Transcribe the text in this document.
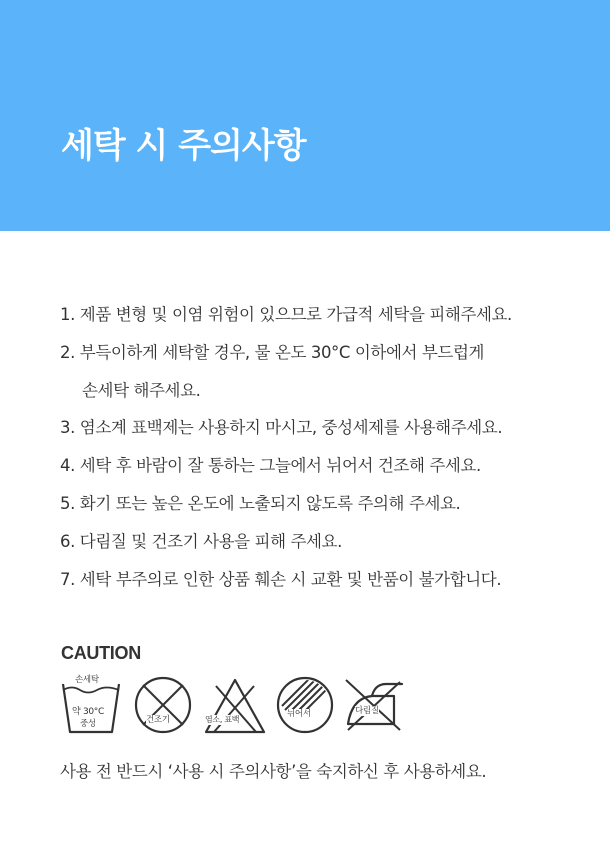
세탁 시 주의사항
1. 제품 변형 및 이염 위험이 있으므로 가급적 세탁을 피해주세요.
2. 부득이하게 세탁할 경우, 물 온도 30°C 이하에서 부드럽게
손세탁 해주세요.
3. 염소계 표백제는 사용하지 마시고, 중성세제를 사용해주세요.
4. 세탁 후 바람이 잘 통하는 그늘에서 뉘어서 건조해 주세요.
5. 화기 또는 높은 온도에 노출되지 않도록 주의해 주세요.
6. 다림질 및 건조기 사용을 피해 주세요.
7. 세탁 부주의로 인한 상품 훼손 시 교환 및 반품이 불가합니다.
CAUTION
손세탁
약 30°C
중성	건조기	염소, 표백
뉘어서	다림질
사용 전 반드시 ‘사용 시 주의사항’을 숙지하신 후 사용하세요.
